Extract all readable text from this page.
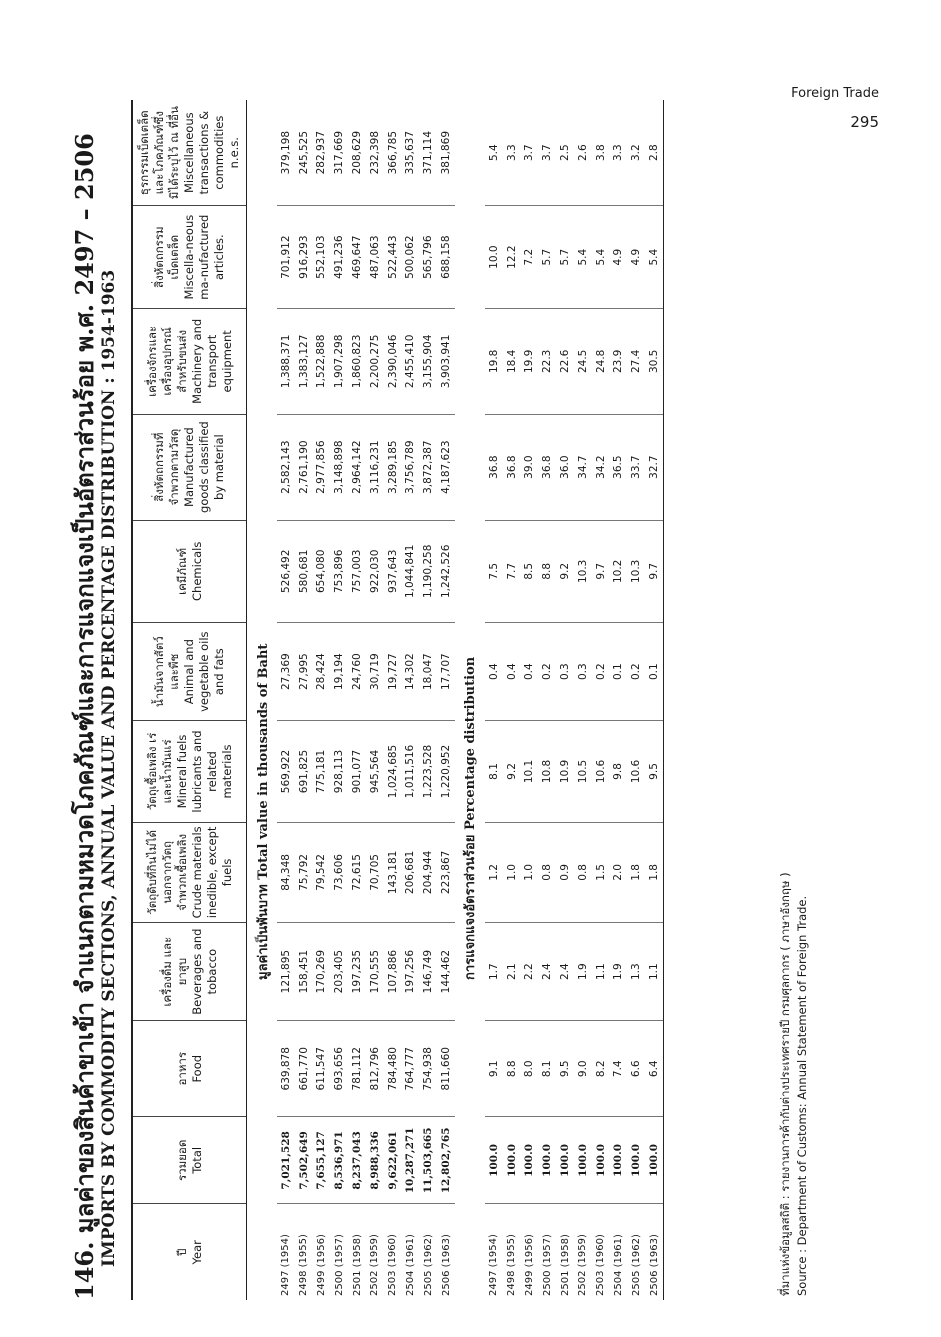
Foreign Trade
295
146. มูลค่าของสินค้าขาเข้า จำแนกตามหมวดโภคภัณฑ์และการแจกแจงเป็นอัตราส่วนร้อย พ.ศ. 2497 – 2506 IMPORTS BY COMMODITY SECTIONS, ANNUAL VALUE AND PERCENTAGE DISTRIBUTION : 1954-1963	ปี Year	รวมยอด Total	อาหาร Food	เครื่องดื่ม และยาสูบ Beverages and tobacco	วัตถุดิบที่กินไม่ได้ นอกจากวัตถุจำพวกเชื้อเพลิง Crude materials inedible, except fuels	วัตถุเชื้อเพลิง เร่และน้ำมันแร่ Mineral fuels lubricants and related materials	น้ำมันจากสัตว์และพืช Animal and vegetable oils and fats	เคมีภัณฑ์ Chemicals	สิ่งหัตถกรรมที่จำพวกตามวัสดุ Manufactured goods classified by material	เครื่องจักรและเครื่องอุปกรณ์สำหรับขนส่ง Machinery and transport equipment	สิ่งหัตถกรรมเบ็ดเตล็ด Miscella-neous ma-nufactured articles.	ธุรกรรมเบ็ดเตล็ดและโภคภัณฑ์ซึ่งมิได้ระบุไว้ ณ ที่อื่น Miscellaneous transactions & commodities n.e.s.

มูลค่าเป็นพันบาท Total value in thousands of Baht											
2497 (1954)	7,021,528	639,878	121,895	84,348	569,922	27,369	526,492	2,582,143	1,388,371	701,912	379,198
2498 (1955)	7,502,649	661,770	158,451	75,792	691,825	27,995	580,681	2,761,190	1,383,127	916,293	245,525
2499 (1956)	7,655,127	611,547	170,269	79,542	775,181	28,424	654,080	2,977,856	1,522,888	552,103	282,937
2500 (1957)	8,536,971	693,656	203,405	73,606	928,113	19,194	753,896	3,148,898	1,907,298	491,236	317,669
2501 (1958)	8,237,043	781,112	197,235	72,615	901,077	24,760	757,003	2,964,142	1,860,823	469,647	208,629
2502 (1959)	8,988,336	812,796	170,555	70,705	945,564	30,719	922,030	3,116,231	2,200,275	487,063	232,398
2503 (1960)	9,622,061	784,480	107,886	143,181	1,024,685	19,727	937,643	3,289,185	2,390,046	522,443	366,785
2504 (1961)	10,287,271	764,777	197,256	206,681	1,011,516	14,302	1,044,841	3,756,789	2,455,410	500,062	335,637
2505 (1962)	11,503,665	754,938	146,749	204,944	1,223,528	18,047	1,190,258	3,872,387	3,155,904	565,796	371,114
2506 (1963)	12,802,765	811,660	144,462	223,867	1,220,952	17,707	1,242,526	4,187,623	3,903,941	688,158	381,869
การแจกแจงอัตราส่วนร้อย Percentage distribution											
2497 (1954)	100.0	9.1	1.7	1.2	8.1	0.4	7.5	36.8	19.8	10.0	5.4
2498 (1955)	100.0	8.8	2.1	1.0	9.2	0.4	7.7	36.8	18.4	12.2	3.3
2499 (1956)	100.0	8.0	2.2	1.0	10.1	0.4	8.5	39.0	19.9	7.2	3.7
2500 (1957)	100.0	8.1	2.4	0.8	10.8	0.2	8.8	36.8	22.3	5.7	3.7
2501 (1958)	100.0	9.5	2.4	0.9	10.9	0.3	9.2	36.0	22.6	5.7	2.5
2502 (1959)	100.0	9.0	1.9	0.8	10.5	0.3	10.3	34.7	24.5	5.4	2.6
2503 (1960)	100.0	8.2	1.1	1.5	10.6	0.2	9.7	34.2	24.8	5.4	3.8
2504 (1961)	100.0	7.4	1.9	2.0	9.8	0.1	10.2	36.5	23.9	4.9	3.3
2505 (1962)	100.0	6.6	1.3	1.8	10.6	0.2	10.3	33.7	27.4	4.9	3.2
2506 (1963)	100.0	6.4	1.1	1.8	9.5	0.1	9.7	32.7	30.5	5.4	2.8
ที่มาแห่งข้อมูลสถิติ : รายงานการค้ากับต่างประเทศรายปี กรมศุลกากร ( ภาษาอังกฤษ ) Source : Department of Customs: Annual Statement of Foreign Trade.
